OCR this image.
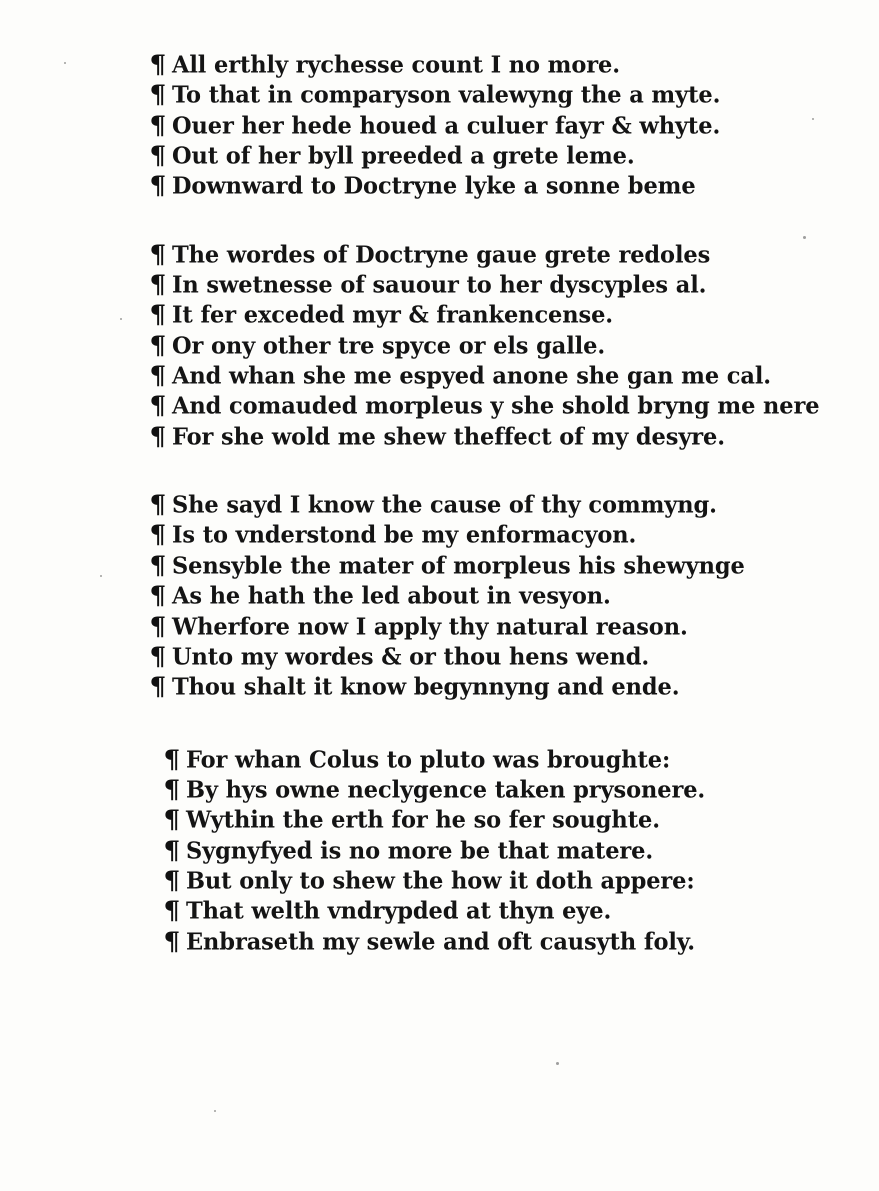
¶ All erthly rychesse count I no more.
¶ To that in comparyson valewyng the a myte.
¶ Ouer her hede houed a culuer fayr & whyte.
¶ Out of her byll preeded a grete leme.
¶ Downward to Doctryne lyke a sonne beme
¶ The wordes of Doctryne gaue grete redoles
¶ In swetnesse of sauour to her dyscyples al.
¶ It fer exceded myr & frankencense.
¶ Or ony other tre spyce or els galle.
¶ And whan she me espyed anone she gan me cal.
¶ And comauded morpleus y she shold bryng me nere
¶ For she wold me shew theffect of my desyre.
¶ She sayd I know the cause of thy commyng.
¶ Is to vnderstond be my enformacyon.
¶ Sensyble the mater of morpleus his shewynge
¶ As he hath the led about in vesyon.
¶ Wherfore now I apply thy natural reason.
¶ Unto my wordes & or thou hens wend.
¶ Thou shalt it know begynnyng and ende.
¶ For whan Colus to pluto was broughte:
¶ By hys owne neclygence taken prysonere.
¶ Wythin the erth for he so fer soughte.
¶ Sygnyfyed is no more be that matere.
¶ But only to shew the how it doth appere:
¶ That welth vndrypded at thyn eye.
¶ Enbraseth my sewle and oft causyth foly.
